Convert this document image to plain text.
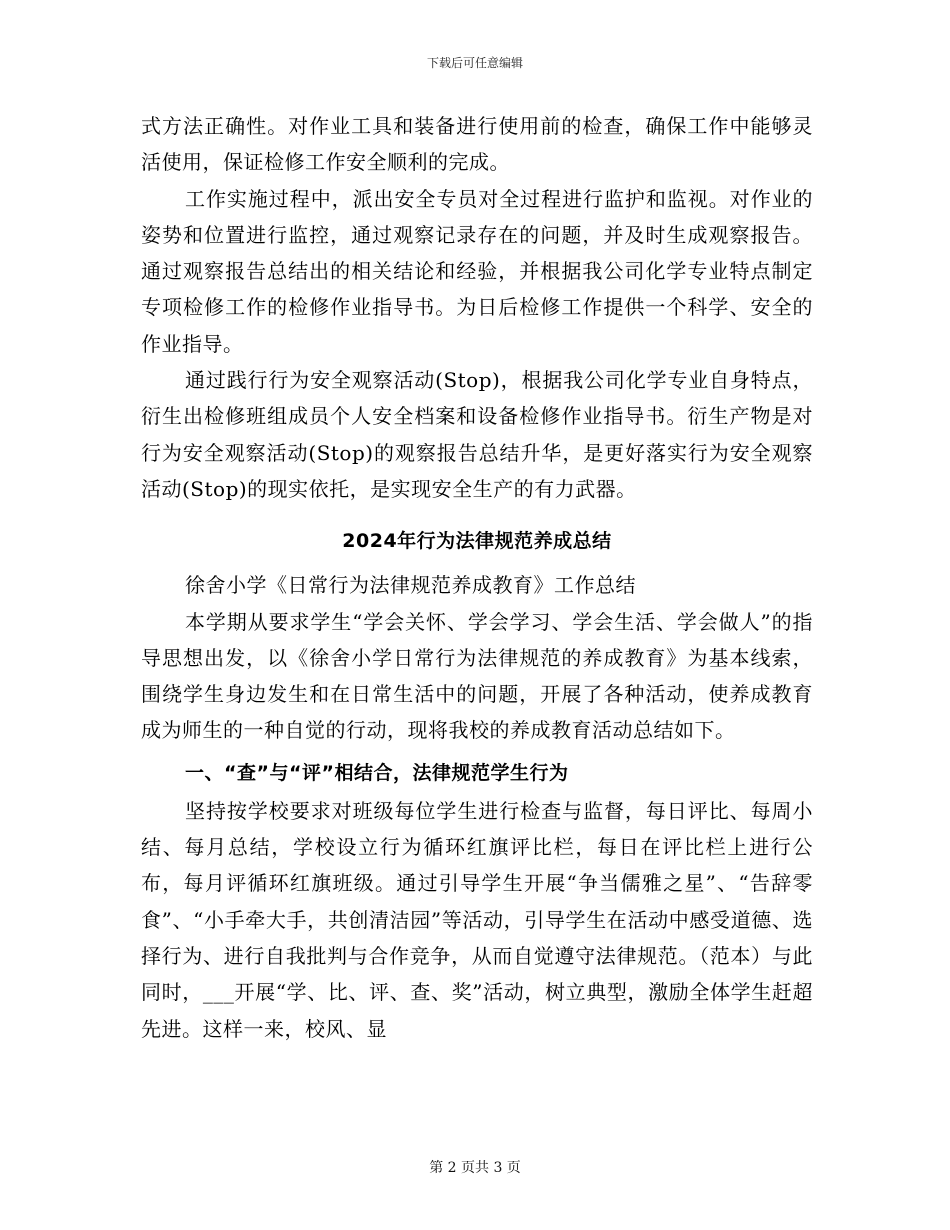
下载后可任意编辑

式方法正确性。对作业工具和装备进行使用前的检查，确保工作中能够灵活使用，保证检修工作安全顺利的完成。

工作实施过程中，派出安全专员对全过程进行监护和监视。对作业的姿势和位置进行监控，通过观察记录存在的问题，并及时生成观察报告。通过观察报告总结出的相关结论和经验，并根据我公司化学专业特点制定专项检修工作的检修作业指导书。为日后检修工作提供一个科学、安全的作业指导。

通过践行行为安全观察活动(Stop)，根据我公司化学专业自身特点，衍生出检修班组成员个人安全档案和设备检修作业指导书。衍生产物是对行为安全观察活动(Stop)的观察报告总结升华，是更好落实行为安全观察活动(Stop)的现实依托，是实现安全生产的有力武器。

2024年行为法律规范养成总结

徐舍小学《日常行为法律规范养成教育》工作总结

本学期从要求学生“学会关怀、学会学习、学会生活、学会做人”的指导思想出发，以《徐舍小学日常行为法律规范的养成教育》为基本线索，围绕学生身边发生和在日常生活中的问题，开展了各种活动，使养成教育成为师生的一种自觉的行动，现将我校的养成教育活动总结如下。

一、“查”与“评”相结合，法律规范学生行为

坚持按学校要求对班级每位学生进行检查与监督，每日评比、每周小结、每月总结，学校设立行为循环红旗评比栏，每日在评比栏上进行公布，每月评循环红旗班级。通过引导学生开展“争当儒雅之星”、“告辞零食”、“小手牵大手，共创清洁园”等活动，引导学生在活动中感受道德、选择行为、进行自我批判与合作竞争，从而自觉遵守法律规范。（范本）与此同时，___开展“学、比、评、查、奖”活动，树立典型，激励全体学生赶超先进。这样一来，校风、显

第 2 页共 3 页
